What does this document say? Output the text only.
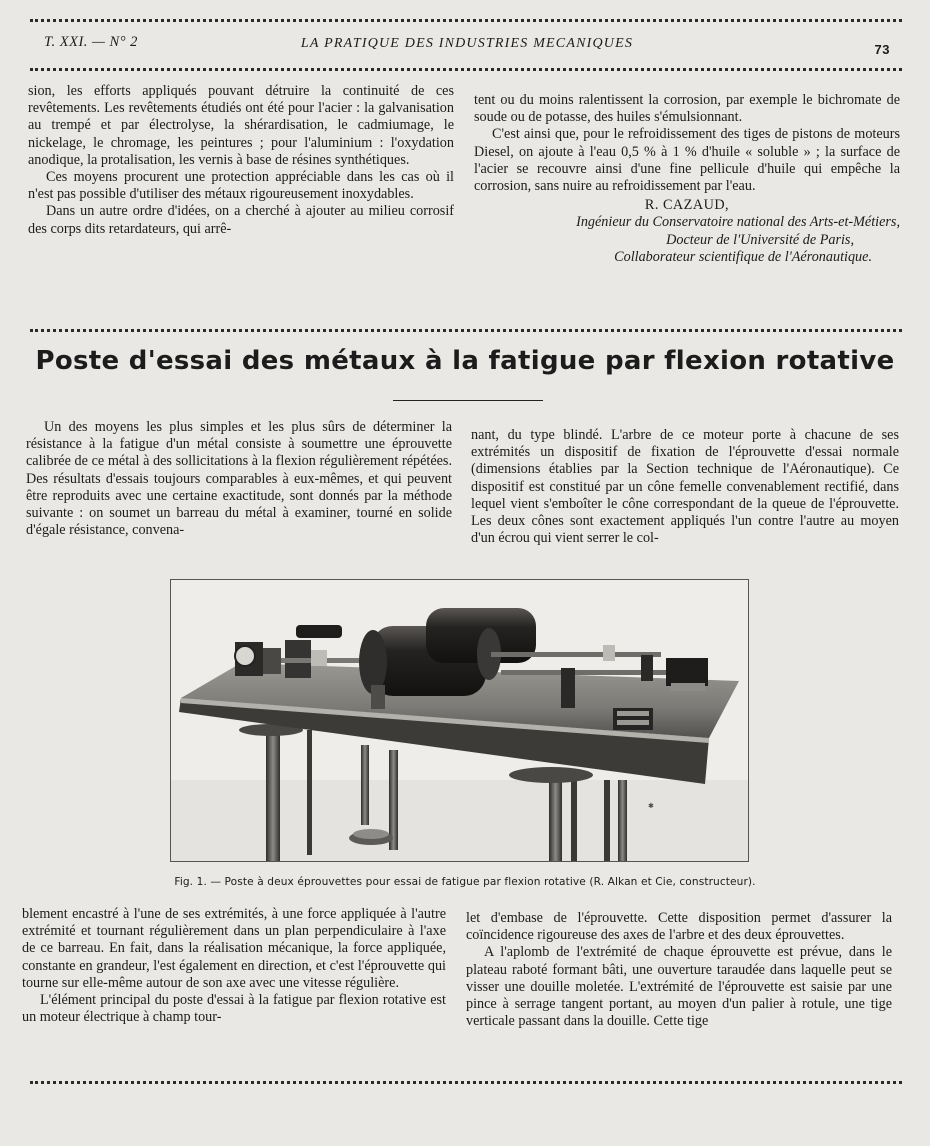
T. XXI. — N° 2	LA PRATIQUE DES INDUSTRIES MECANIQUES	73

sion, les efforts appliqués pouvant détruire la continuité de ces revêtements. Les revêtements étudiés ont été pour l'acier : la galvanisation au trempé et par électrolyse, la shérardisation, le cadmiumage, le nickelage, le chromage, les peintures ; pour l'aluminium : l'oxydation anodique, la protalisation, les vernis à base de résines synthétiques.

Ces moyens procurent une protection appréciable dans les cas où il n'est pas possible d'utiliser des métaux rigoureusement inoxydables.

Dans un autre ordre d'idées, on a cherché à ajouter au milieu corrosif des corps dits retardateurs, qui arrê-

tent ou du moins ralentissent la corrosion, par exemple le bichromate de soude ou de potasse, des huiles s'émulsionnant.

C'est ainsi que, pour le refroidissement des tiges de pistons de moteurs Diesel, on ajoute à l'eau 0,5 % à 1 % d'huile « soluble » ; la surface de l'acier se recouvre ainsi d'une fine pellicule d'huile qui empêche la corrosion, sans nuire au refroidissement par l'eau.

R. CAZAUD,
Ingénieur du Conservatoire national des Arts-et-Métiers,
Docteur de l'Université de Paris,
Collaborateur scientifique de l'Aéronautique.
Poste d'essai des métaux à la fatigue par flexion rotative

Un des moyens les plus simples et les plus sûrs de déterminer la résistance à la fatigue d'un métal consiste à soumettre une éprouvette calibrée de ce métal à des sollicitations à la flexion régulièrement répétées. Des résultats d'essais toujours comparables à eux-mêmes, et qui peuvent être reproduits avec une certaine exactitude, sont donnés par la méthode suivante : on soumet un barreau du métal à examiner, tourné en solide d'égale résistance, convena-

nant, du type blindé. L'arbre de ce moteur porte à chacune de ses extrémités un dispositif de fixation de l'éprouvette d'essai normale (dimensions établies par la Section technique de l'Aéronautique). Ce dispositif est constitué par un cône femelle convenablement rectifié, dans lequel vient s'emboîter le cône correspondant de la queue de l'éprouvette. Les deux cônes sont exactement appliqués l'un contre l'autre au moyen d'un écrou qui vient serrer le col-

✱
Fig. 1. — Poste à deux éprouvettes pour essai de fatigue par flexion rotative (R. Alkan et Cie, constructeur).

blement encastré à l'une de ses extrémités, à une force appliquée à l'autre extrémité et tournant régulièrement dans un plan perpendiculaire à l'axe de ce barreau. En fait, dans la réalisation mécanique, la force appliquée, constante en grandeur, l'est également en direction, et c'est l'éprouvette qui tourne sur elle-même autour de son axe avec une vitesse régulière.

L'élément principal du poste d'essai à la fatigue par flexion rotative est un moteur électrique à champ tour-

let d'embase de l'éprouvette. Cette disposition permet d'assurer la coïncidence rigoureuse des axes de l'arbre et des deux éprouvettes.

A l'aplomb de l'extrémité de chaque éprouvette est prévue, dans le plateau raboté formant bâti, une ouverture taraudée dans laquelle peut se visser une douille moletée. L'extrémité de l'éprouvette est saisie par une pince à serrage tangent portant, au moyen d'un palier à rotule, une tige verticale passant dans la douille. Cette tige
